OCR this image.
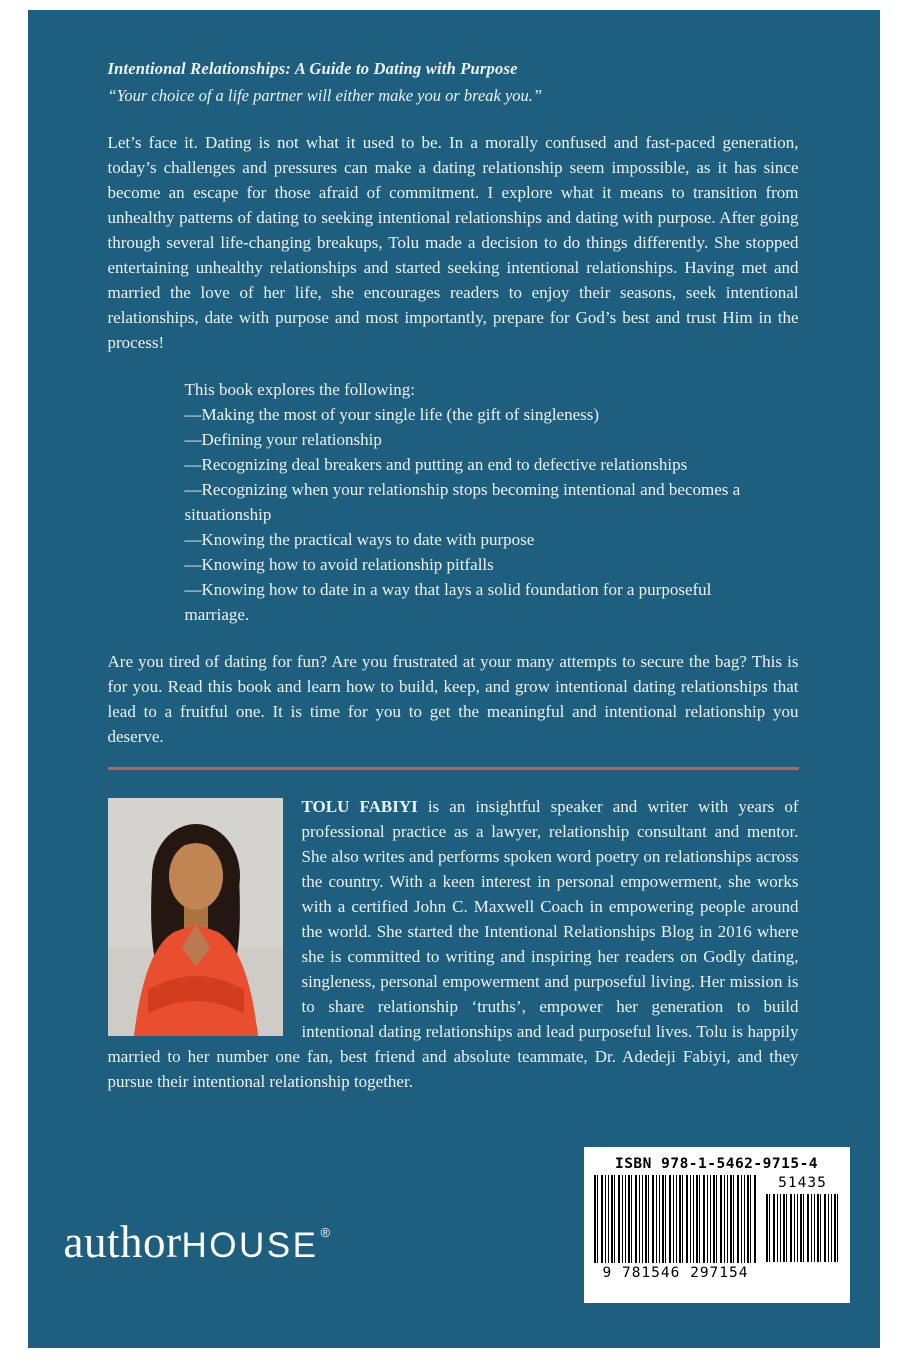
Intentional Relationships: A Guide to Dating with Purpose

“Your choice of a life partner will either make you or break you.”

Let’s face it. Dating is not what it used to be. In a morally confused and fast-paced generation, today’s challenges and pressures can make a dating relationship seem impossible, as it has since become an escape for those afraid of commitment. I explore what it means to transition from unhealthy patterns of dating to seeking intentional relationships and dating with purpose. After going through several life-changing breakups, Tolu made a decision to do things differently. She stopped entertaining unhealthy relationships and started seeking intentional relationships. Having met and married the love of her life, she encourages readers to enjoy their seasons, seek intentional relationships, date with purpose and most importantly, prepare for God’s best and trust Him in the process!

This book explores the following:

—Making the most of your single life (the gift of singleness)

—Defining your relationship

—Recognizing deal breakers and putting an end to defective relationships

—Recognizing when your relationship stops becoming intentional and becomes a situationship

—Knowing the practical ways to date with purpose

—Knowing how to avoid relationship pitfalls

—Knowing how to date in a way that lays a solid foundation for a purposeful marriage.

Are you tired of dating for fun? Are you frustrated at your many attempts to secure the bag? This is for you. Read this book and learn how to build, keep, and grow intentional dating relationships that lead to a fruitful one. It is time for you to get the meaningful and intentional relationship you deserve.

TOLU FABIYI is an insightful speaker and writer with years of professional practice as a lawyer, relationship consultant and mentor. She also writes and performs spoken word poetry on relationships across the country. With a keen interest in personal empowerment, she works with a certified John C. Maxwell Coach in empowering people around the world. She started the Intentional Relationships Blog in 2016 where she is committed to writing and inspiring her readers on Godly dating, singleness, personal empowerment and purposeful living. Her mission is to share relationship ‘truths’, empower her generation to build intentional dating relationships and lead purposeful lives. Tolu is happily married to her number one fan, best friend and absolute teammate, Dr. Adedeji Fabiyi, and they pursue their intentional relationship together.
authorHOUSE ®
ISBN 978-1-5462-9715-4
9 781546 297154
51435
